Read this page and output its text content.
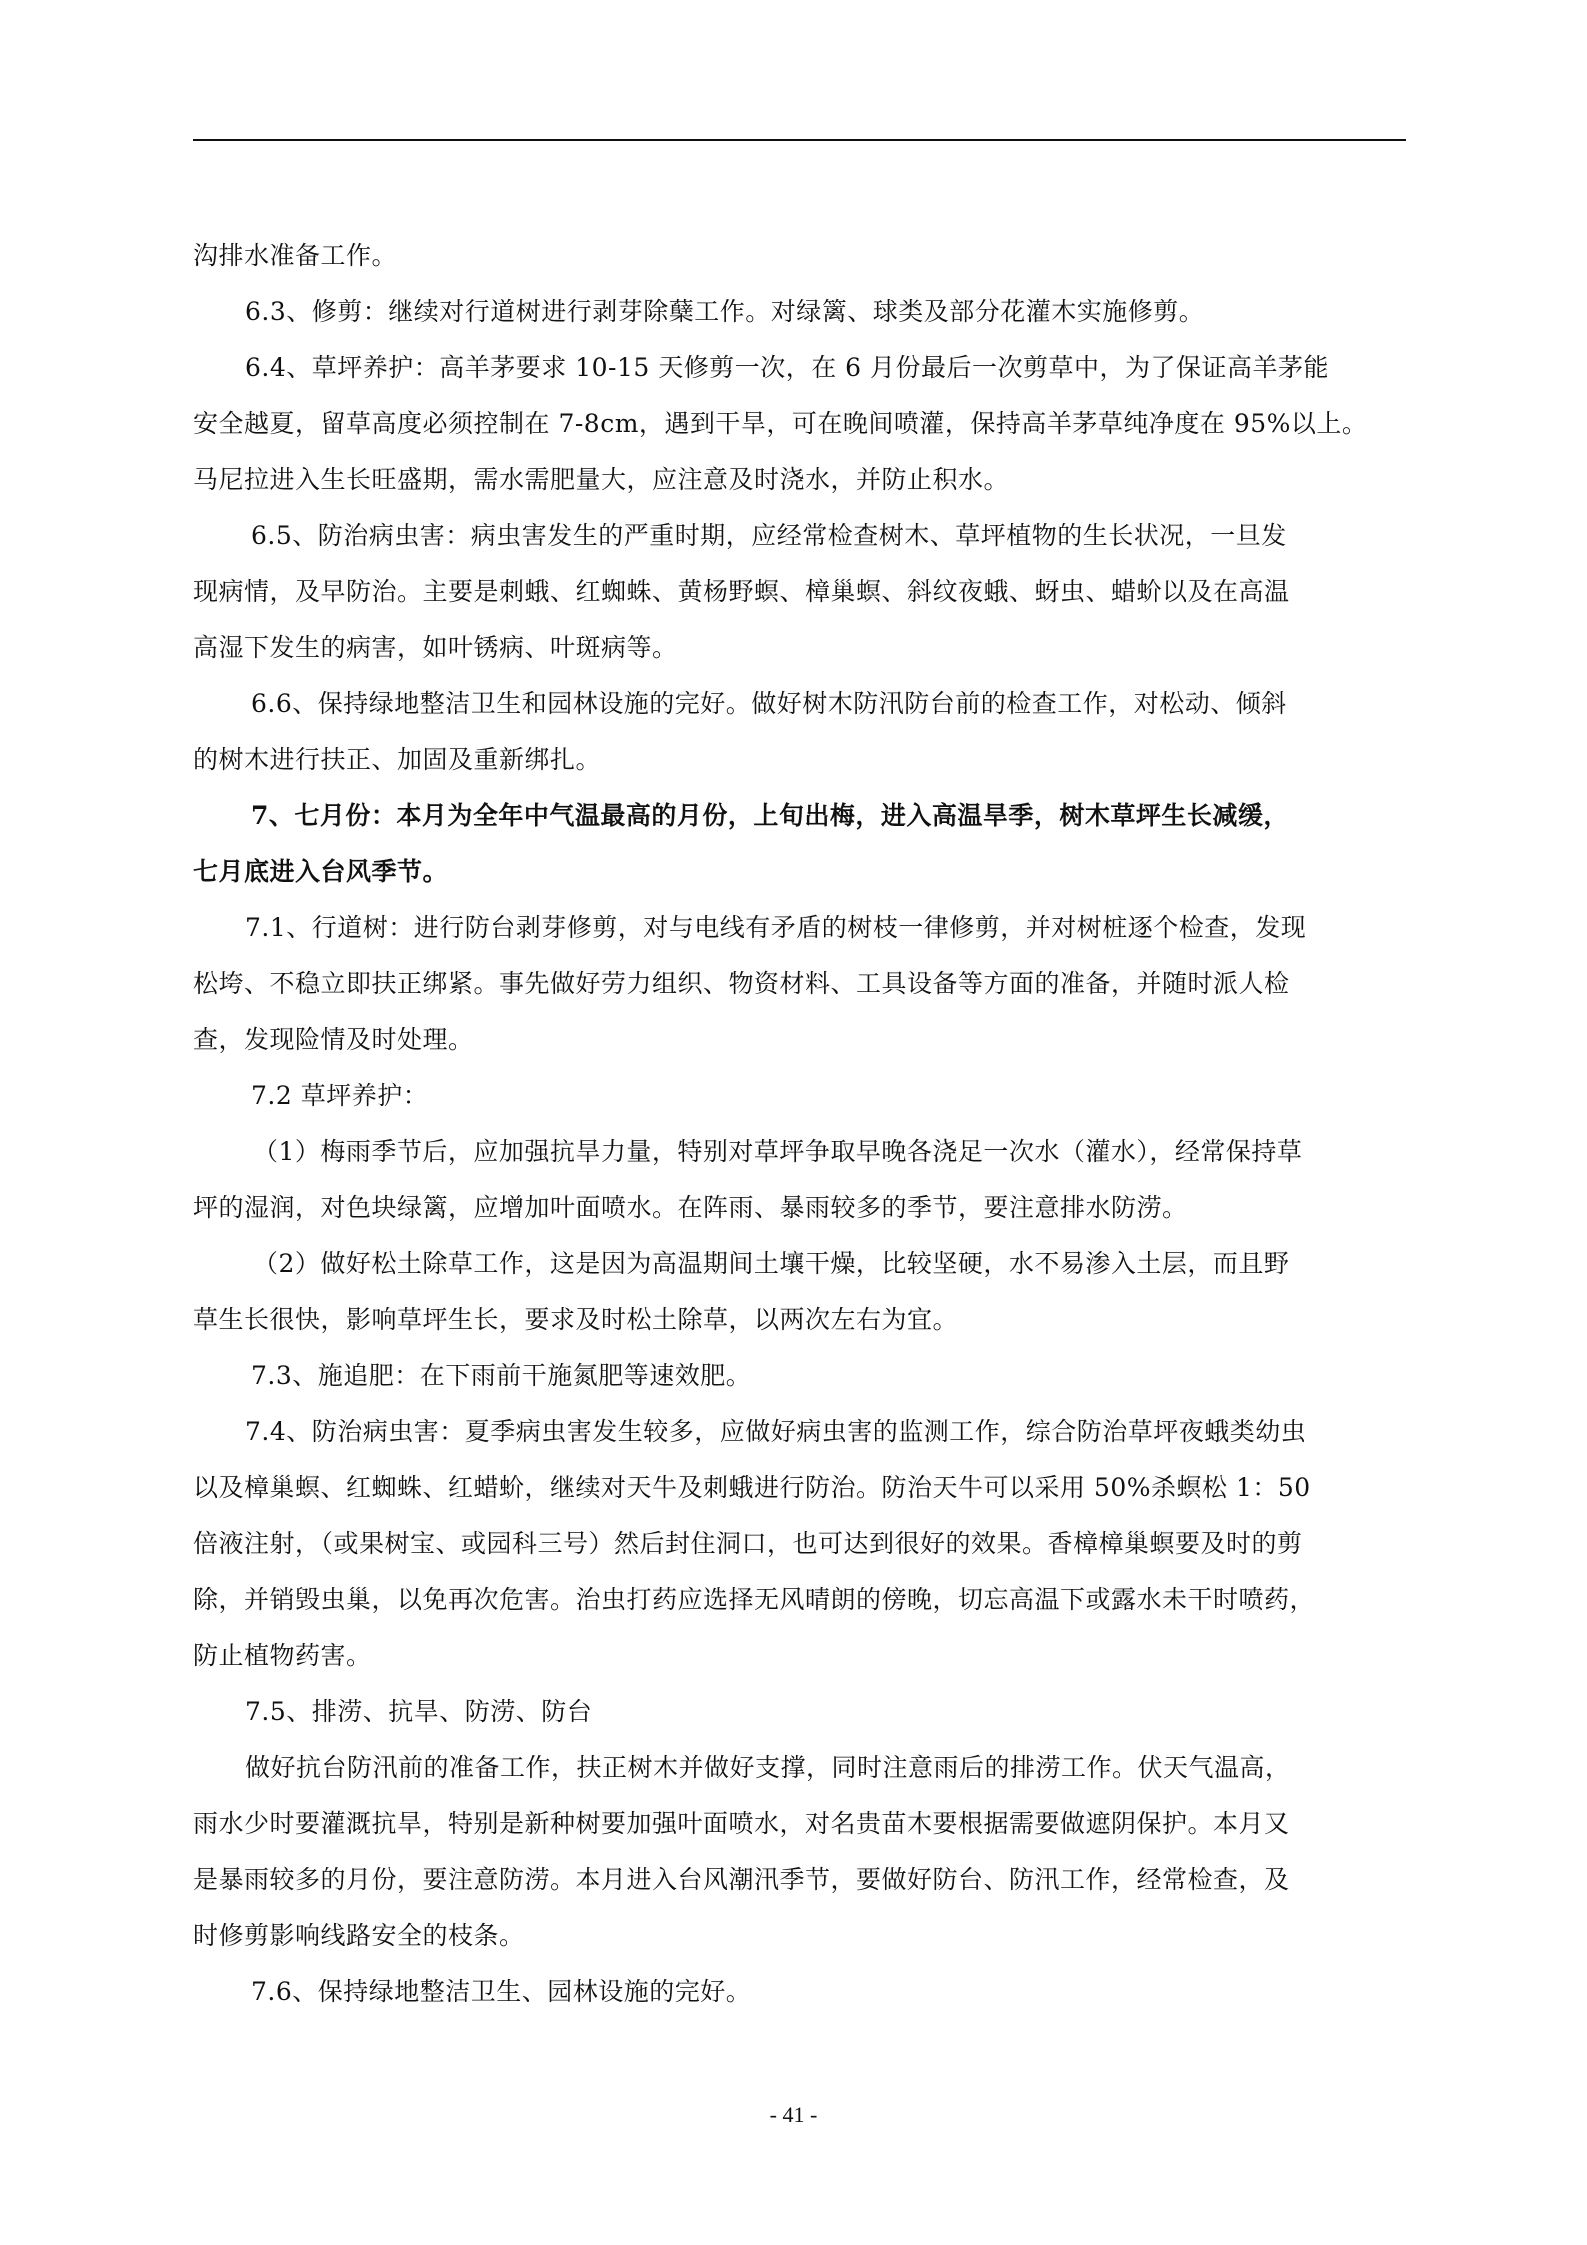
沟排水准备工作。

6.3、修剪：继续对行道树进行剥芽除蘖工作。对绿篱、球类及部分花灌木实施修剪。

6.4、草坪养护：高羊茅要求 10-15 天修剪一次，在 6 月份最后一次剪草中，为了保证高羊茅能

安全越夏，留草高度必须控制在 7-8cm，遇到干旱，可在晚间喷灌，保持高羊茅草纯净度在 95%以上。

马尼拉进入生长旺盛期，需水需肥量大，应注意及时浇水，并防止积水。

6.5、防治病虫害：病虫害发生的严重时期，应经常检查树木、草坪植物的生长状况，一旦发

现病情，及早防治。主要是刺蛾、红蜘蛛、黄杨野螟、樟巢螟、斜纹夜蛾、蚜虫、蜡蚧以及在高温

高湿下发生的病害，如叶锈病、叶斑病等。

6.6、保持绿地整洁卫生和园林设施的完好。做好树木防汛防台前的检查工作，对松动、倾斜

的树木进行扶正、加固及重新绑扎。

7、七月份：本月为全年中气温最高的月份，上旬出梅，进入高温旱季，树木草坪生长减缓，

七月底进入台风季节。

7.1、行道树：进行防台剥芽修剪，对与电线有矛盾的树枝一律修剪，并对树桩逐个检查，发现

松垮、不稳立即扶正绑紧。事先做好劳力组织、物资材料、工具设备等方面的准备，并随时派人检

查，发现险情及时处理。

7.2 草坪养护：

（1）梅雨季节后，应加强抗旱力量，特别对草坪争取早晚各浇足一次水（灌水），经常保持草

坪的湿润，对色块绿篱，应增加叶面喷水。在阵雨、暴雨较多的季节，要注意排水防涝。

（2）做好松土除草工作，这是因为高温期间土壤干燥，比较坚硬，水不易渗入土层，而且野

草生长很快，影响草坪生长，要求及时松土除草，以两次左右为宜。

7.3、施追肥：在下雨前干施氮肥等速效肥。

7.4、防治病虫害：夏季病虫害发生较多，应做好病虫害的监测工作，综合防治草坪夜蛾类幼虫

以及樟巢螟、红蜘蛛、红蜡蚧，继续对天牛及刺蛾进行防治。防治天牛可以采用 50%杀螟松 1：50

倍液注射，（或果树宝、或园科三号）然后封住洞口，也可达到很好的效果。香樟樟巢螟要及时的剪

除，并销毁虫巢，以免再次危害。治虫打药应选择无风晴朗的傍晚，切忘高温下或露水未干时喷药，

防止植物药害。

7.5、排涝、抗旱、防涝、防台

做好抗台防汛前的准备工作，扶正树木并做好支撑，同时注意雨后的排涝工作。伏天气温高，

雨水少时要灌溉抗旱，特别是新种树要加强叶面喷水，对名贵苗木要根据需要做遮阴保护。本月又

是暴雨较多的月份，要注意防涝。本月进入台风潮汛季节，要做好防台、防汛工作，经常检查，及

时修剪影响线路安全的枝条。

7.6、保持绿地整洁卫生、园林设施的完好。

- 41 -
